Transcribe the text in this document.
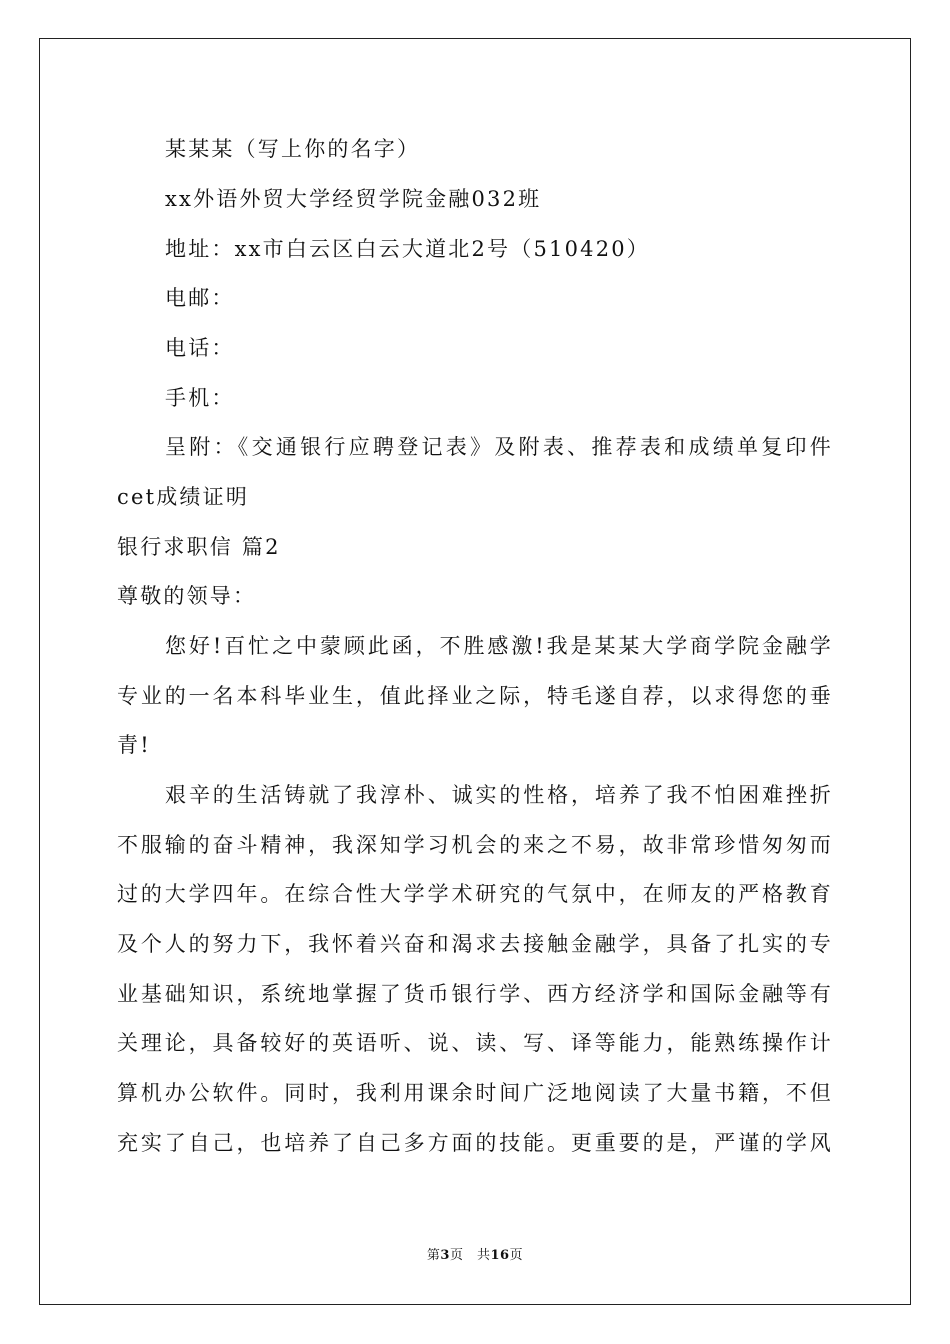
某某某（写上你的名字）
xx外语外贸大学经贸学院金融032班
地址：xx市白云区白云大道北2号（510420）
电邮：
电话：
手机：
呈附：《交通银行应聘登记表》及附表、推荐表和成绩单复印件
cet成绩证明
银行求职信 篇2
尊敬的领导：
您好!百忙之中蒙顾此函，不胜感激!我是某某大学商学院金融学
专业的一名本科毕业生，值此择业之际，特毛遂自荐，以求得您的垂
青!
艰辛的生活铸就了我淳朴、诚实的性格，培养了我不怕困难挫折
不服输的奋斗精神，我深知学习机会的来之不易，故非常珍惜匆匆而
过的大学四年。在综合性大学学术研究的气氛中，在师友的严格教育
及个人的努力下，我怀着兴奋和渴求去接触金融学，具备了扎实的专
业基础知识，系统地掌握了货币银行学、西方经济学和国际金融等有
关理论，具备较好的英语听、说、读、写、译等能力，能熟练操作计
算机办公软件。同时，我利用课余时间广泛地阅读了大量书籍，不但
充实了自己，也培养了自己多方面的技能。更重要的是，严谨的学风
第3页　共16页
